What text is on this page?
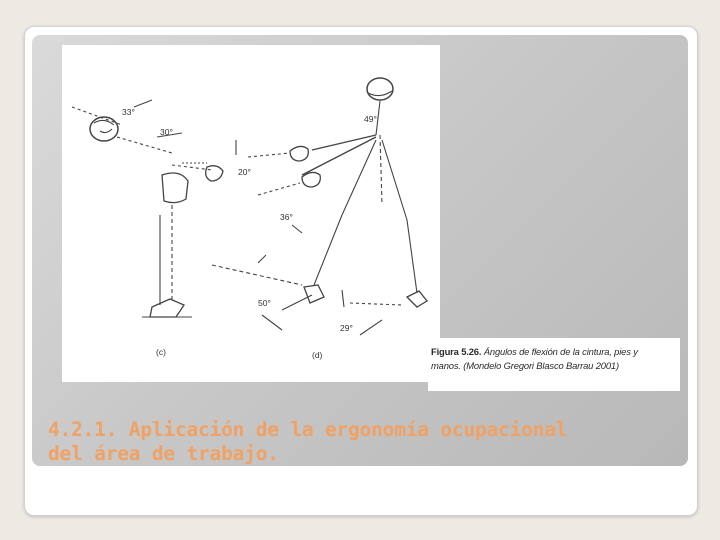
33°
30°
49°
20°
36°
50°
29°
(c)	(d)	Figura 5.26. Ángulos de flexión de la cintura, pies y
manos. (Mondelo Gregori Blasco Barrau 2001)
4.2.1. Aplicación de la ergonomía ocupacional
del área de trabajo.
